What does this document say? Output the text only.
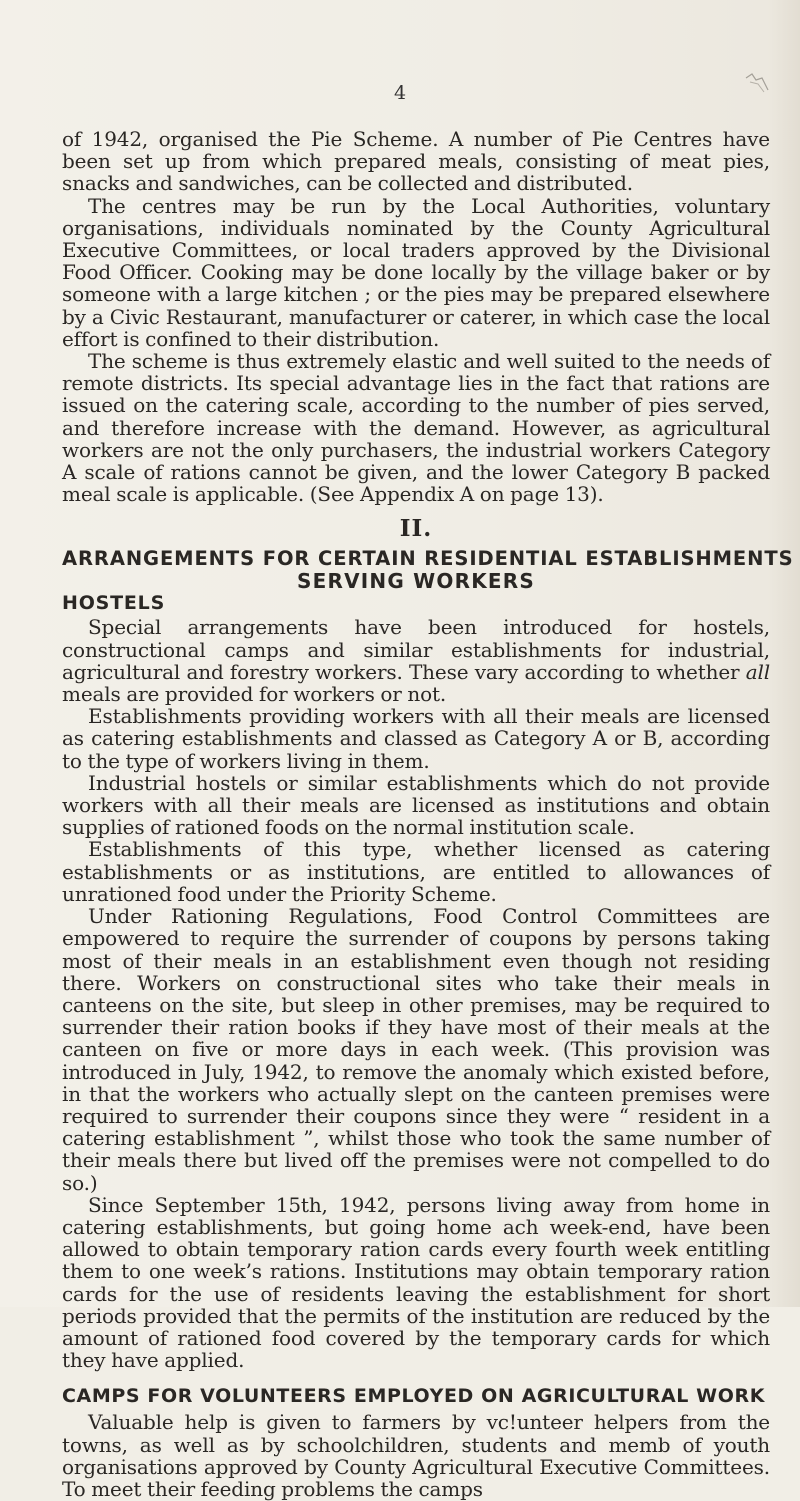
4

of 1942, organised the Pie Scheme. A number of Pie Centres have been set up from which prepared meals, consisting of meat pies, snacks and sandwiches, can be collected and distributed.

The centres may be run by the Local Authorities, voluntary organisations, individuals nominated by the County Agricultural Executive Committees, or local traders approved by the Divisional Food Officer. Cooking may be done locally by the village baker or by someone with a large kitchen ; or the pies may be prepared elsewhere by a Civic Restaurant, manufacturer or caterer, in which case the local effort is confined to their distribution.

The scheme is thus extremely elastic and well suited to the needs of remote districts. Its special advantage lies in the fact that rations are issued on the catering scale, according to the number of pies served, and therefore increase with the demand. However, as agricultural workers are not the only purchasers, the industrial workers Category A scale of rations cannot be given, and the lower Category B packed meal scale is applicable. (See Appendix A on page 13).

II.
ARRANGEMENTS FOR CERTAIN RESIDENTIAL ESTABLISHMENTS
SERVING WORKERS
HOSTELS

Special arrangements have been introduced for hostels, constructional camps and similar establishments for industrial, agricultural and forestry workers. These vary according to whether all meals are provided for workers or not.

Establishments providing workers with all their meals are licensed as catering establishments and classed as Category A or B, according to the type of workers living in them.

Industrial hostels or similar establishments which do not provide workers with all their meals are licensed as institutions and obtain supplies of rationed foods on the normal institution scale.

Establishments of this type, whether licensed as catering establishments or as institutions, are entitled to allowances of unrationed food under the Priority Scheme.

Under Rationing Regulations, Food Control Committees are empowered to require the surrender of coupons by persons taking most of their meals in an establishment even though not residing there. Workers on constructional sites who take their meals in canteens on the site, but sleep in other premises, may be required to surrender their ration books if they have most of their meals at the canteen on five or more days in each week. (This provision was introduced in July, 1942, to remove the anomaly which existed before, in that the workers who actually slept on the canteen premises were required to surrender their coupons since they were “ resident in a catering establishment ”, whilst those who took the same number of their meals there but lived off the premises were not compelled to do so.)

Since September 15th, 1942, persons living away from home in catering establishments, but going home ach week-end, have been allowed to obtain temporary ration cards every fourth week entitling them to one week’s rations. Institutions may obtain temporary ration cards for the use of residents leaving the establishment for short periods provided that the permits of the institution are reduced by the amount of rationed food covered by the temporary cards for which they have applied.

CAMPS FOR VOLUNTEERS EMPLOYED ON AGRICULTURAL WORK

Valuable help is given to farmers by vc!unteer helpers from the towns, as well as by schoolchildren, students and memb of youth organisations approved by County Agricultural Executive Committees. To meet their feeding problems the camps
